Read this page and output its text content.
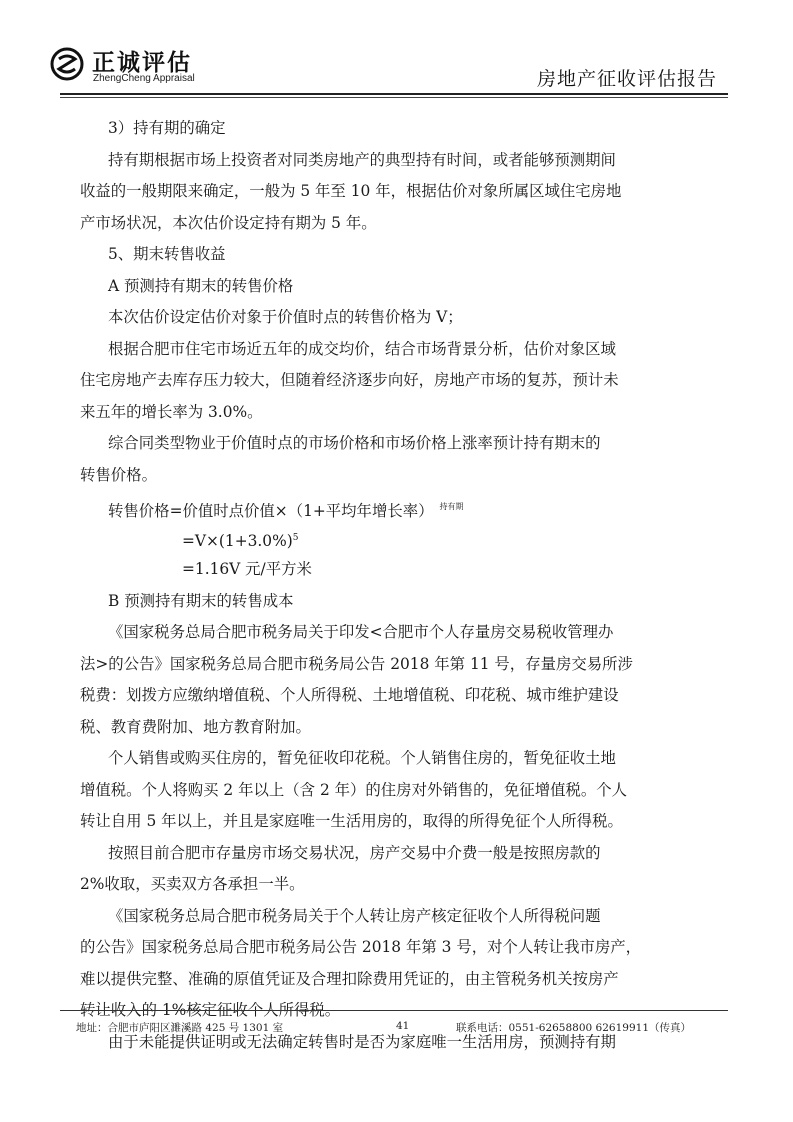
正诚评估
ZhengCheng Appraisal	房地产征收评估报告
3）持有期的确定
持有期根据市场上投资者对同类房地产的典型持有时间，或者能够预测期间
收益的一般期限来确定，一般为 5 年至 10 年，根据估价对象所属区域住宅房地
产市场状况，本次估价设定持有期为 5 年。
5、期末转售收益
A 预测持有期末的转售价格
本次估价设定估价对象于价值时点的转售价格为 V；
根据合肥市住宅市场近五年的成交均价，结合市场背景分析，估价对象区域
住宅房地产去库存压力较大，但随着经济逐步向好，房地产市场的复苏，预计未
来五年的增长率为 3.0%。
综合同类型物业于价值时点的市场价格和市场价格上涨率预计持有期末的
转售价格。
转售价格=价值时点价值×（1+平均年增长率） $^{持有期}$
$=V\times(1+3.0\%)^5$
=1.16V 元/平方米
B 预测持有期末的转售成本
《国家税务总局合肥市税务局关于印发<合肥市个人存量房交易税收管理办
法>的公告》国家税务总局合肥市税务局公告 2018 年第 11 号，存量房交易所涉
税费：划拨方应缴纳增值税、个人所得税、土地增值税、印花税、城市维护建设
税、教育费附加、地方教育附加。
个人销售或购买住房的，暂免征收印花税。个人销售住房的，暂免征收土地
增值税。个人将购买 2 年以上（含 2 年）的住房对外销售的，免征增值税。个人
转让自用 5 年以上，并且是家庭唯一生活用房的，取得的所得免征个人所得税。
按照目前合肥市存量房市场交易状况，房产交易中介费一般是按照房款的
2%收取，买卖双方各承担一半。
《国家税务总局合肥市税务局关于个人转让房产核定征收个人所得税问题
的公告》国家税务总局合肥市税务局公告 2018 年第 3 号，对个人转让我市房产，
难以提供完整、准确的原值凭证及合理扣除费用凭证的，由主管税务机关按房产
转让收入的 1%核定征收个人所得税。
由于未能提供证明或无法确定转售时是否为家庭唯一生活用房，预测持有期
地址：合肥市庐阳区濉溪路 425 号 1301 室	41	联系电话：0551-62658800 62619911（传真）
